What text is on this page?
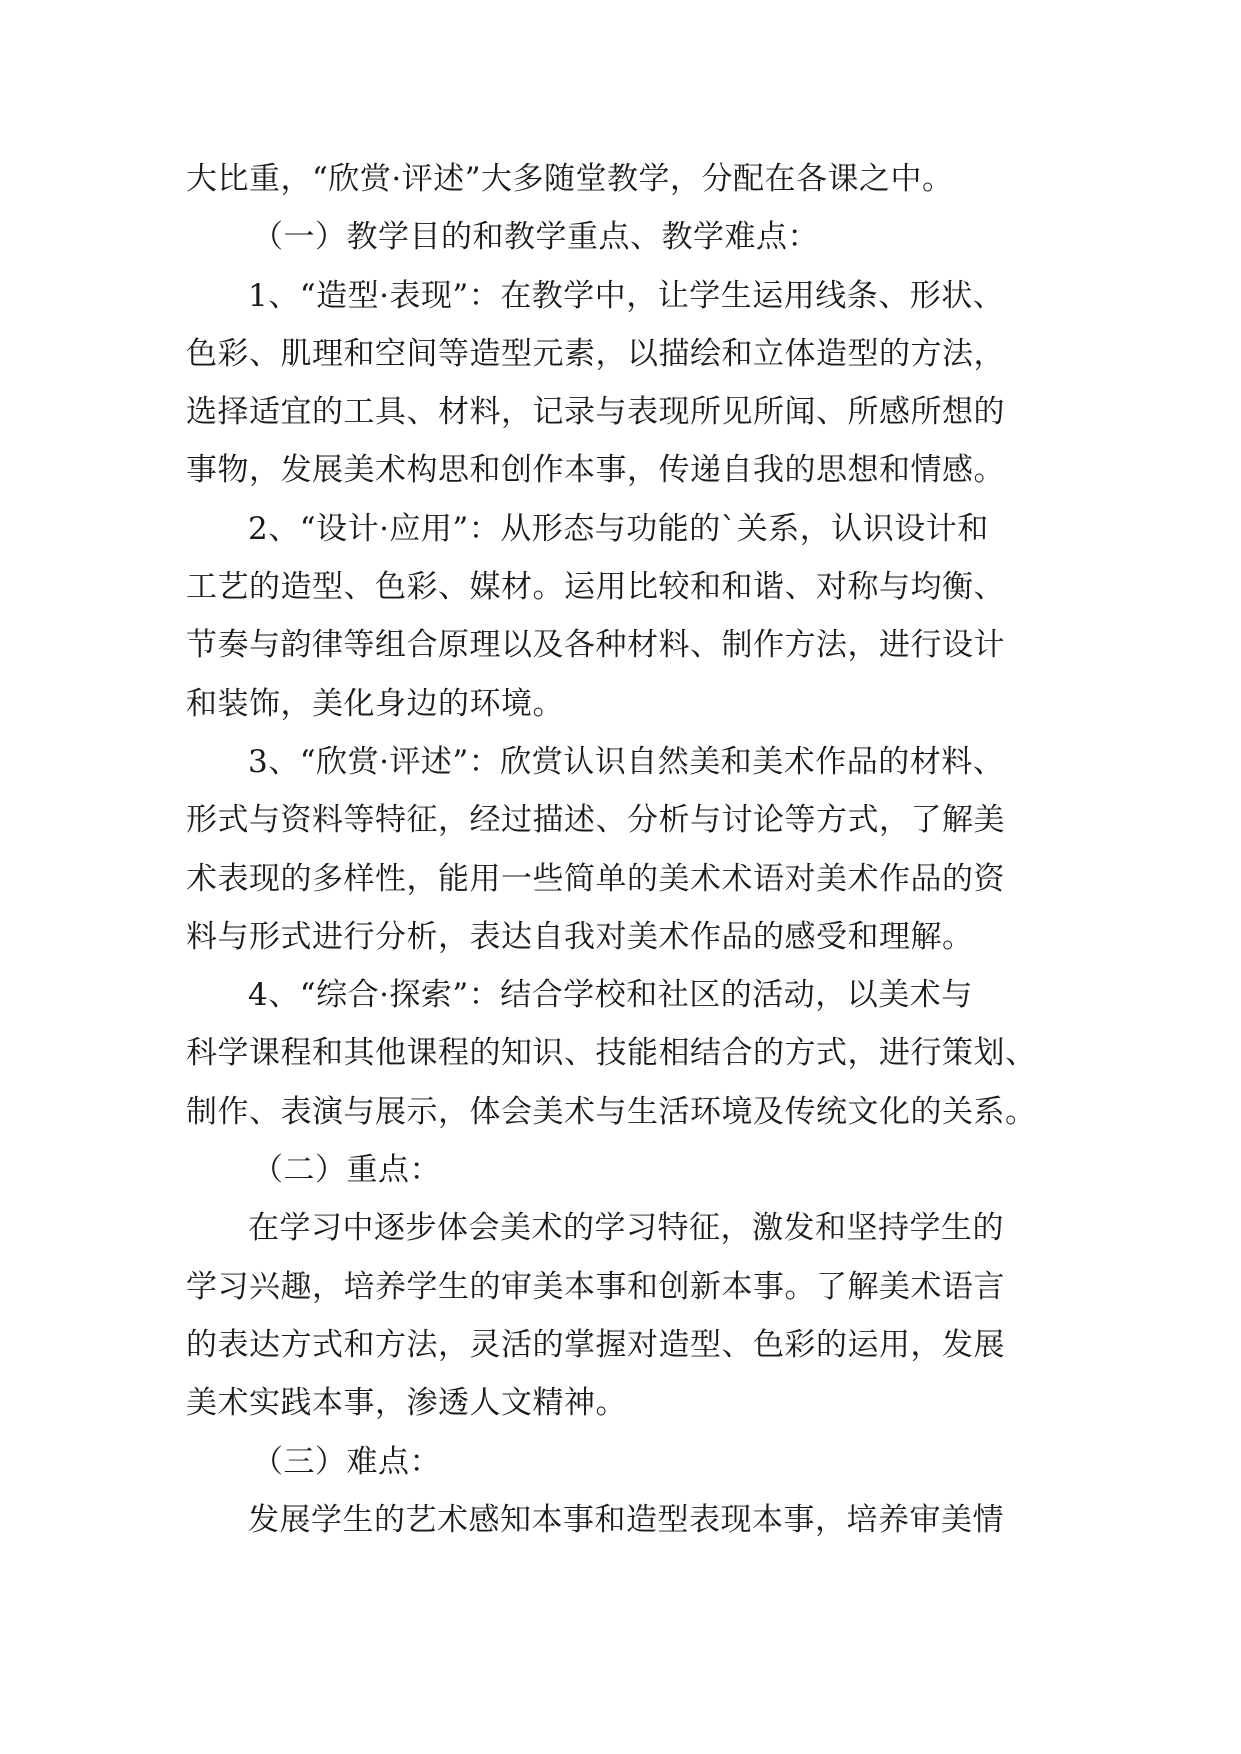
大比重，“欣赏·评述”大多随堂教学，分配在各课之中。
（一）教学目的和教学重点、教学难点：
1、“造型·表现”：在教学中，让学生运用线条、形状、
色彩、肌理和空间等造型元素，以描绘和立体造型的方法，
选择适宜的工具、材料，记录与表现所见所闻、所感所想的
事物，发展美术构思和创作本事，传递自我的思想和情感。
2、“设计·应用”：从形态与功能的`关系，认识设计和
工艺的造型、色彩、媒材。运用比较和和谐、对称与均衡、
节奏与韵律等组合原理以及各种材料、制作方法，进行设计
和装饰，美化身边的环境。
3、“欣赏·评述”：欣赏认识自然美和美术作品的材料、
形式与资料等特征，经过描述、分析与讨论等方式，了解美
术表现的多样性，能用一些简单的美术术语对美术作品的资
料与形式进行分析，表达自我对美术作品的感受和理解。
4、“综合·探索”：结合学校和社区的活动，以美术与
科学课程和其他课程的知识、技能相结合的方式，进行策划、
制作、表演与展示，体会美术与生活环境及传统文化的关系。
（二）重点：
在学习中逐步体会美术的学习特征，激发和坚持学生的
学习兴趣，培养学生的审美本事和创新本事。了解美术语言
的表达方式和方法，灵活的掌握对造型、色彩的运用，发展
美术实践本事，渗透人文精神。
（三）难点：
发展学生的艺术感知本事和造型表现本事，培养审美情
